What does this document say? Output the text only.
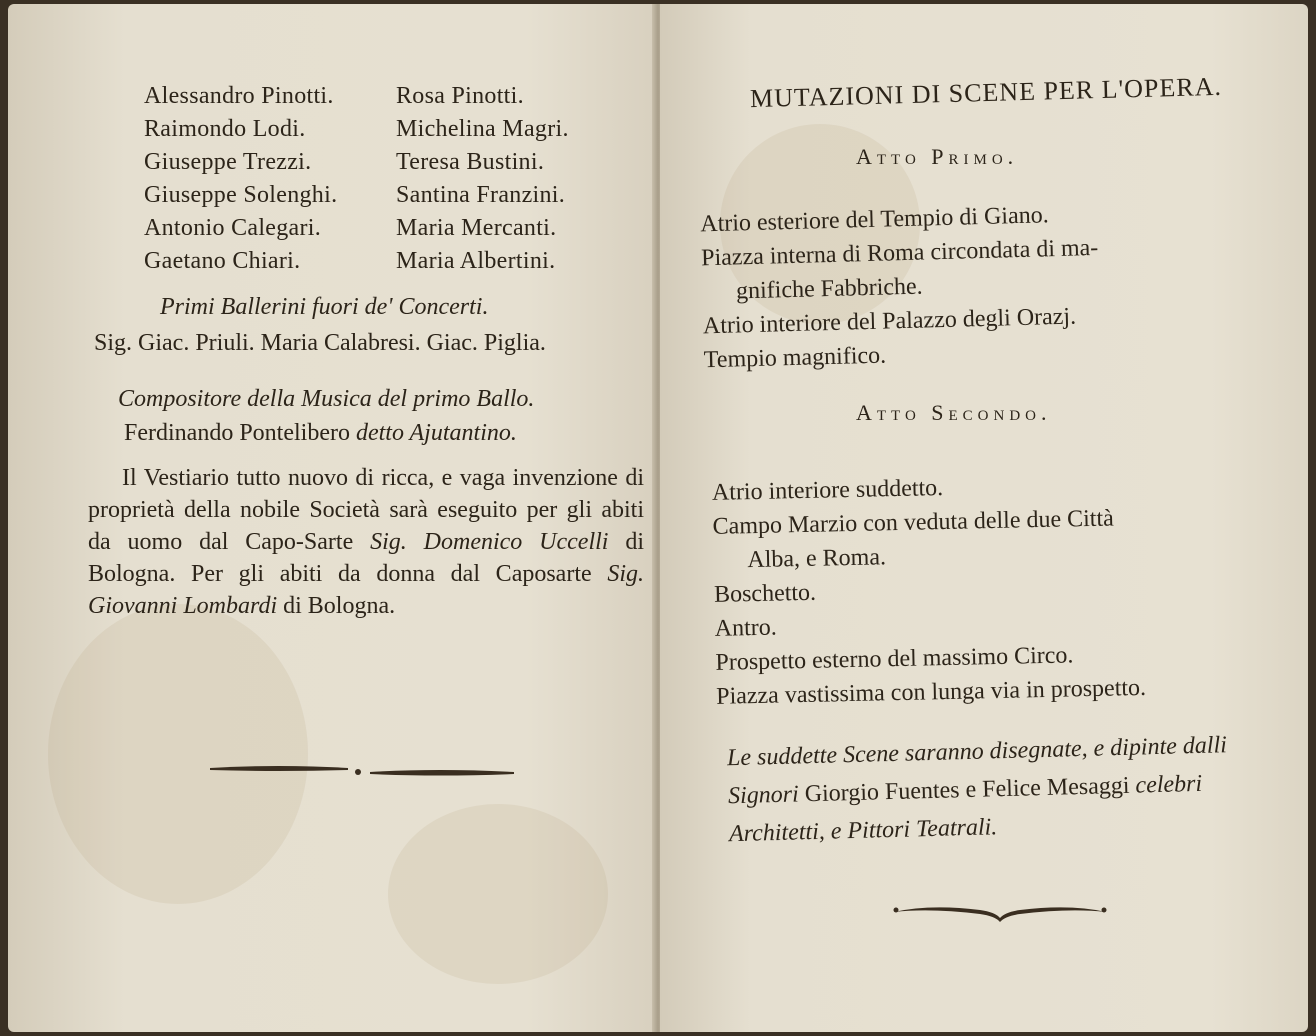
Alessandro Pinotti.	Rosa Pinotti.
Raimondo Lodi.	Michelina Magri.
Giuseppe Trezzi.	Teresa Bustini.
Giuseppe Solenghi.	Santina Franzini.
Antonio Calegari.	Maria Mercanti.
Gaetano Chiari.	Maria Albertini.
Primi Ballerini fuori de' Concerti.
Sig. Giac. Priuli. Maria Calabresi. Giac. Piglia.
Compositore della Musica del primo Ballo.
Ferdinando Pontelibero detto Ajutantino.
Il Vestiario tutto nuovo di ricca, e vaga invenzione di proprietà della nobile Società sarà eseguito per gli abiti da uomo dal Capo-Sarte Sig. Domenico Uccelli di Bologna. Per gli abiti da donna dal Caposarte Sig. Giovanni Lombardi di Bologna.
MUTAZIONI DI SCENE PER L'OPERA.
Atto Primo.
Atrio esteriore del Tempio di Giano.
Piazza interna di Roma circondata di ma-
gnifiche Fabbriche.
Atrio interiore del Palazzo degli Orazj.
Tempio magnifico.
Atto Secondo.
Atrio interiore suddetto.
Campo Marzio con veduta delle due Città
Alba, e Roma.
Boschetto.
Antro.
Prospetto esterno del massimo Circo.
Piazza vastissima con lunga via in prospetto.
Le suddette Scene saranno disegnate, e dipinte dalli Signori Giorgio Fuentes e Felice Mesaggi celebri Architetti, e Pittori Teatrali.
